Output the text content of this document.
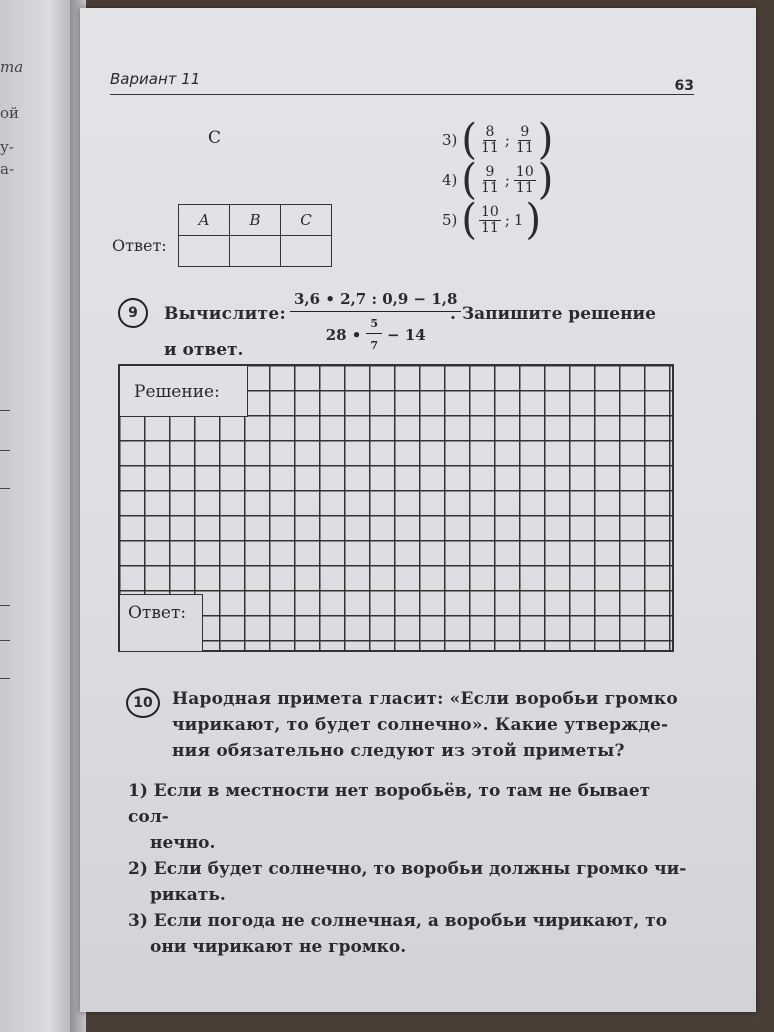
та
ой
у-
а-
Вариант 11	63
C	3) ( $\frac{8}{11}$ ; $\frac{9}{11}$ )
4) ( $\frac{9}{11}$ ; $\frac{10}{11}$ )
5) ( $\frac{10}{11}$ ; 1 )
Ответ:
A	B	C

9	Вычислите: $\frac{3,6 • 2,7 : 0,9 - 1,8}{28 • \frac{5}{7} - 14}$
. Запишите решение
и ответ.
Решение:
Ответ:
10	Народная примета гласит: «Если воробьи громко чирикают, то будет солнечно». Какие утвержде-ния обязательно следуют из этой приметы?
1) Если в местности нет воробьёв, то там не бывает сол-
нечно.
2) Если будет солнечно, то воробьи должны громко чи-
рикать.
3) Если погода не солнечная, а воробьи чирикают, то
они чирикают не громко.
